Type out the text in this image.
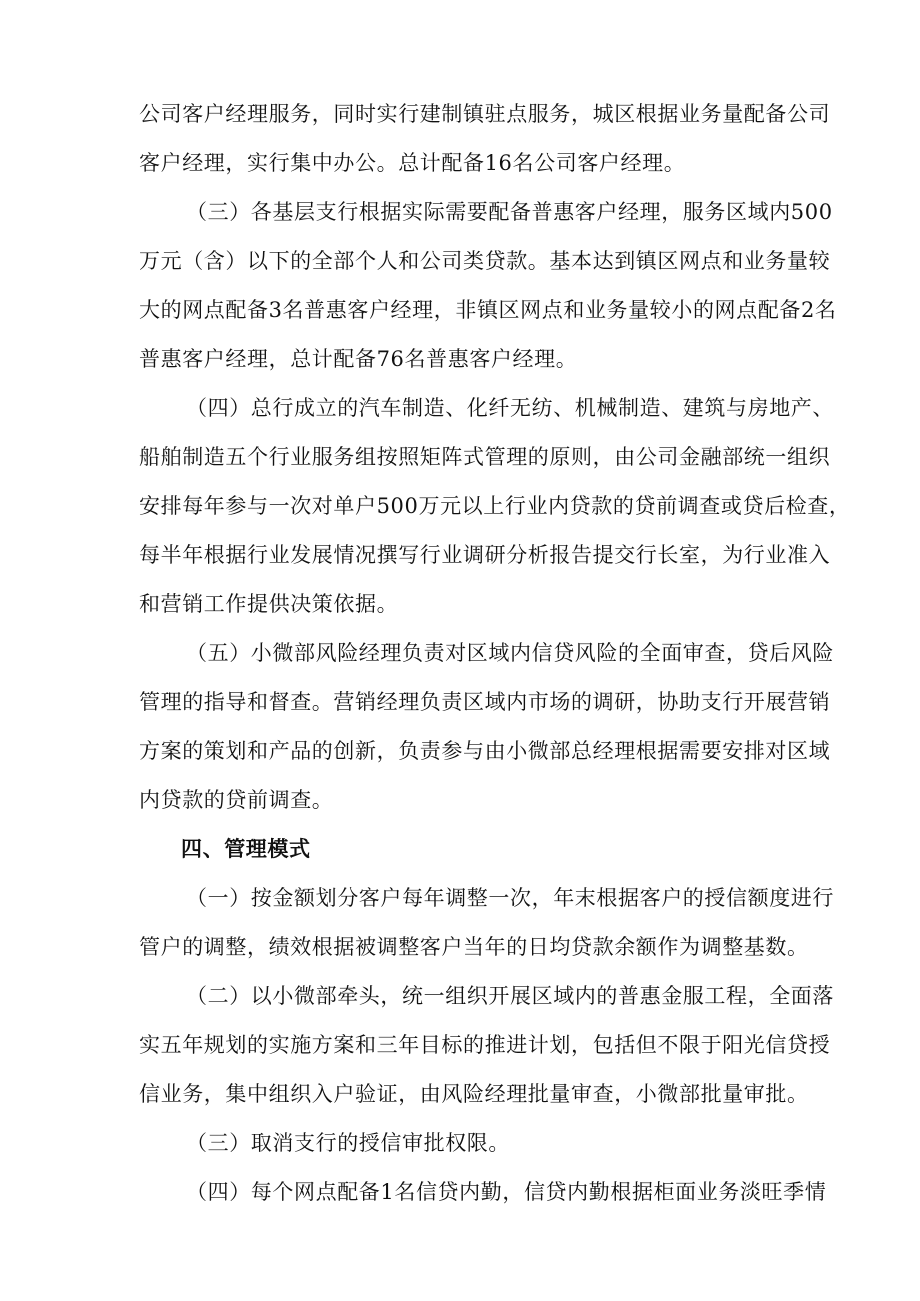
公司客户经理服务，同时实行建制镇驻点服务，城区根据业务量配备公司
客户经理，实行集中办公。总计配备16名公司客户经理。
（三）各基层支行根据实际需要配备普惠客户经理，服务区域内500
万元（含）以下的全部个人和公司类贷款。基本达到镇区网点和业务量较
大的网点配备3名普惠客户经理，非镇区网点和业务量较小的网点配备2名
普惠客户经理，总计配备76名普惠客户经理。
（四）总行成立的汽车制造、化纤无纺、机械制造、建筑与房地产、
船舶制造五个行业服务组按照矩阵式管理的原则，由公司金融部统一组织
安排每年参与一次对单户500万元以上行业内贷款的贷前调查或贷后检查，
每半年根据行业发展情况撰写行业调研分析报告提交行长室，为行业准入
和营销工作提供决策依据。
（五）小微部风险经理负责对区域内信贷风险的全面审查，贷后风险
管理的指导和督查。营销经理负责区域内市场的调研，协助支行开展营销
方案的策划和产品的创新，负责参与由小微部总经理根据需要安排对区域
内贷款的贷前调查。
四、管理模式
（一）按金额划分客户每年调整一次，年末根据客户的授信额度进行
管户的调整，绩效根据被调整客户当年的日均贷款余额作为调整基数。
（二）以小微部牵头，统一组织开展区域内的普惠金服工程，全面落
实五年规划的实施方案和三年目标的推进计划，包括但不限于阳光信贷授
信业务，集中组织入户验证，由风险经理批量审查，小微部批量审批。
（三）取消支行的授信审批权限。
（四）每个网点配备1名信贷内勤，信贷内勤根据柜面业务淡旺季情
